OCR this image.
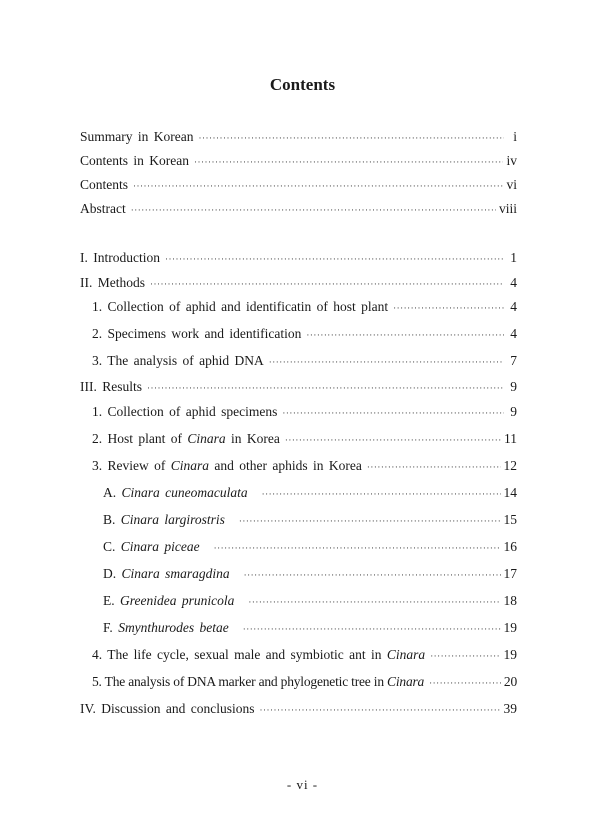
Contents
Summary in Korean ·····	i
Contents in Korean ·····	iv
Contents ·····	vi
Abstract ·····	viii
I. Introduction ·····	1
II. Methods ·····	4
1. Collection of aphid and identificatin of host plant ·····	4
2. Specimens work and identification ·····	4
3. The analysis of aphid DNA ·····	7
III. Results ·····	9
1. Collection of aphid specimens ·····	9
2. Host plant of Cinara in Korea ·····	11
3. Review of Cinara and other aphids in Korea ·····	12
A. Cinara cuneomaculata ·····	14
B. Cinara largirostris ·····	15
C. Cinara piceae ·····	16
D. Cinara smaragdina ·····	17
E. Greenidea prunicola ·····	18
F. Smynthurodes betae ·····	19
4. The life cycle, sexual male and symbiotic ant in Cinara ·····	19
5. The analysis of DNA marker and phylogenetic tree in Cinara ·····	20
IV. Discussion and conclusions ·····	39
- vi -
